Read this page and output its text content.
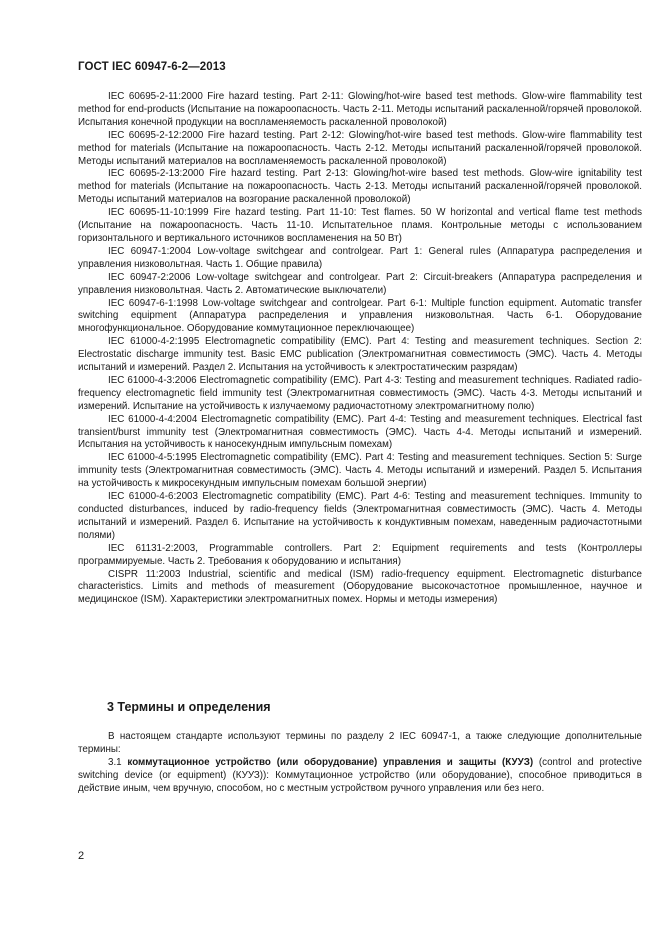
ГОСТ IEC 60947-6-2—2013

IEC 60695-2-11:2000 Fire hazard testing. Part 2-11: Glowing/hot-wire based test methods. Glow-wire flammability test method for end-products (Испытание на пожароопасность. Часть 2-11. Методы испытаний раскаленной/горячей проволокой. Испытания конечной продукции на воспламеняемость раскаленной проволокой)

IEC 60695-2-12:2000 Fire hazard testing. Part 2-12: Glowing/hot-wire based test methods. Glow-wire flammability test method for materials (Испытание на пожароопасность. Часть 2-12. Методы испытаний раскаленной/горячей проволокой. Методы испытаний материалов на воспламеняемость раскаленной проволокой)

IEC 60695-2-13:2000 Fire hazard testing. Part 2-13: Glowing/hot-wire based test methods. Glow-wire ignitability test method for materials (Испытание на пожароопасность. Часть 2-13. Методы испытаний раскаленной/горячей проволокой. Методы испытаний материалов на возгорание раскаленной проволокой)

IEC 60695-11-10:1999 Fire hazard testing. Part 11-10: Test flames. 50 W horizontal and vertical flame test methods (Испытание на пожароопасность. Часть 11-10. Испытательное пламя. Контрольные методы с использованием горизонтального и вертикального источников воспламенения на 50 Вт)

IEC 60947-1:2004 Low-voltage switchgear and controlgear. Part 1: General rules (Аппаратура распределения и управления низковольтная. Часть 1. Общие правила)

IEC 60947-2:2006 Low-voltage switchgear and controlgear. Part 2: Circuit-breakers (Аппаратура распределения и управления низковольтная. Часть 2. Автоматические выключатели)

IEC 60947-6-1:1998 Low-voltage switchgear and controlgear. Part 6-1: Multiple function equipment. Automatic transfer switching equipment (Аппаратура распределения и управления низковольтная. Часть 6-1. Оборудование многофункциональное. Оборудование коммутационное переключающее)

IEC 61000-4-2:1995 Electromagnetic compatibility (EMC). Part 4: Testing and measurement techniques. Section 2: Electrostatic discharge immunity test. Basic EMC publication (Электромагнитная совместимость (ЭМС). Часть 4. Методы испытаний и измерений. Раздел 2. Испытания на устойчивость к электростатическим разрядам)

IEC 61000-4-3:2006 Electromagnetic compatibility (EMC). Part 4-3: Testing and measurement techniques. Radiated radio-frequency electromagnetic field immunity test (Электромагнитная совместимость (ЭМС). Часть 4-3. Методы испытаний и измерений. Испытание на устойчивость к излучаемому радиочастотному электромагнитному полю)

IEC 61000-4-4:2004 Electromagnetic compatibility (EMC). Part 4-4: Testing and measurement techniques. Electrical fast transient/burst immunity test (Электромагнитная совместимость (ЭМС). Часть 4-4. Методы испытаний и измерений. Испытания на устойчивость к наносекундным импульсным помехам)

IEC 61000-4-5:1995 Electromagnetic compatibility (EMC). Part 4: Testing and measurement techniques. Section 5: Surge immunity tests (Электромагнитная совместимость (ЭМС). Часть 4. Методы испытаний и измерений. Раздел 5. Испытания на устойчивость к микросекундным импульсным помехам большой энергии)

IEC 61000-4-6:2003 Electromagnetic compatibility (EMC). Part 4-6: Testing and measurement techniques. Immunity to conducted disturbances, induced by radio-frequency fields (Электромагнитная совместимость (ЭМС). Часть 4. Методы испытаний и измерений. Раздел 6. Испытание на устойчивость к кондуктивным помехам, наведенным радиочастотными полями)

IEC 61131-2:2003, Programmable controllers. Part 2: Equipment requirements and tests (Контроллеры программируемые. Часть 2. Требования к оборудованию и испытания)

CISPR 11:2003 Industrial, scientific and medical (ISM) radio-frequency equipment. Electromagnetic disturbance characteristics. Limits and methods of measurement (Оборудование высокочастотное промышленное, научное и медицинское (ISM). Характеристики электромагнитных помех. Нормы и методы измерения)

3 Термины и определения

В настоящем стандарте используют термины по разделу 2 IEC 60947-1, а также следующие дополнительные термины:

3.1 коммутационное устройство (или оборудование) управления и защиты (КУУЗ) (control and protective switching device (or equipment) (КУУЗ)): Коммутационное устройство (или оборудование), способное приводиться в действие иным, чем вручную, способом, но с местным устройством ручного управления или без него.

2
